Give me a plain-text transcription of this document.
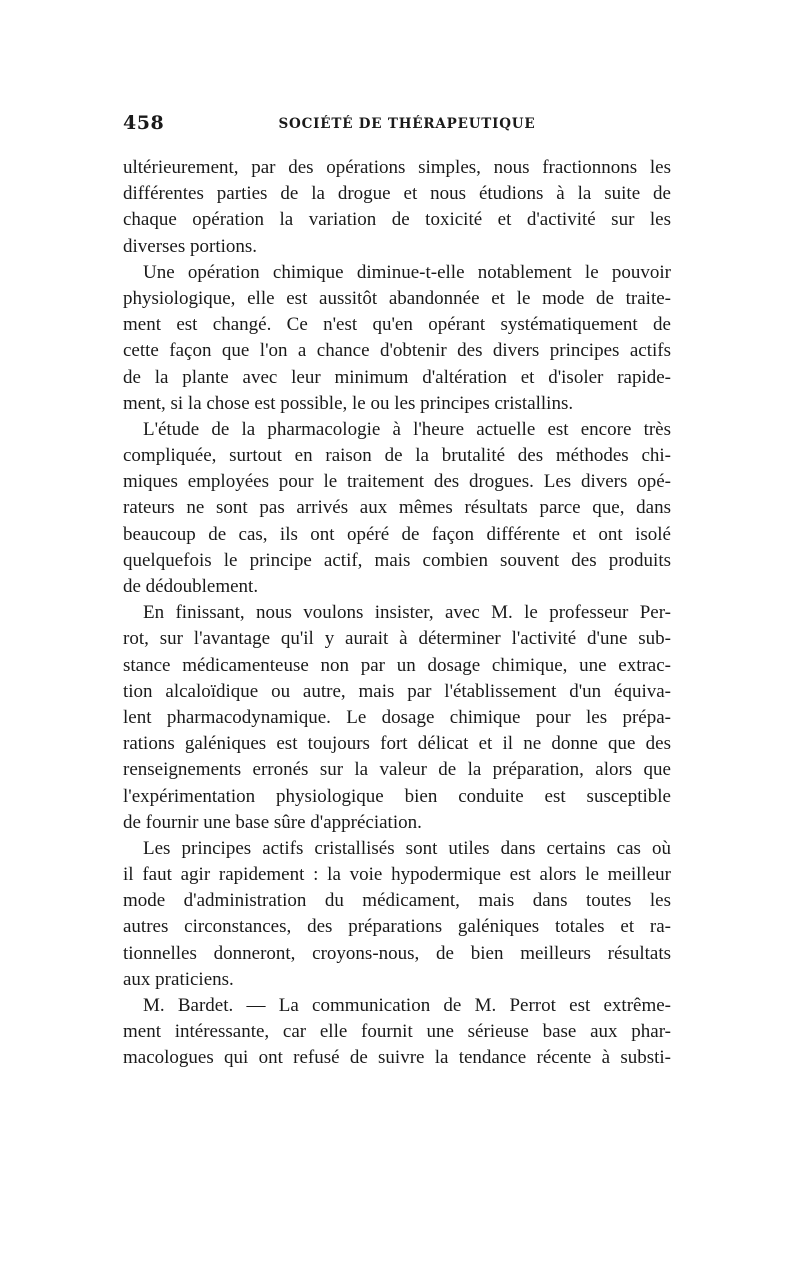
458	SOCIÉTÉ DE THÉRAPEUTIQUE
ultérieurement, par des opérations simples, nous fractionnons les
différentes parties de la drogue et nous étudions à la suite de
chaque opération la variation de toxicité et d'activité sur les
diverses portions.
Une opération chimique diminue-t-elle notablement le pouvoir
physiologique, elle est aussitôt abandonnée et le mode de traite-
ment est changé. Ce n'est qu'en opérant systématiquement de
cette façon que l'on a chance d'obtenir des divers principes actifs
de la plante avec leur minimum d'altération et d'isoler rapide-
ment, si la chose est possible, le ou les principes cristallins.
L'étude de la pharmacologie à l'heure actuelle est encore très
compliquée, surtout en raison de la brutalité des méthodes chi-
miques employées pour le traitement des drogues. Les divers opé-
rateurs ne sont pas arrivés aux mêmes résultats parce que, dans
beaucoup de cas, ils ont opéré de façon différente et ont isolé
quelquefois le principe actif, mais combien souvent des produits
de dédoublement.
En finissant, nous voulons insister, avec M. le professeur Per-
rot, sur l'avantage qu'il y aurait à déterminer l'activité d'une sub-
stance médicamenteuse non par un dosage chimique, une extrac-
tion alcaloïdique ou autre, mais par l'établissement d'un équiva-
lent pharmacodynamique. Le dosage chimique pour les prépa-
rations galéniques est toujours fort délicat et il ne donne que des
renseignements erronés sur la valeur de la préparation, alors que
l'expérimentation physiologique bien conduite est susceptible
de fournir une base sûre d'appréciation.
Les principes actifs cristallisés sont utiles dans certains cas où
il faut agir rapidement : la voie hypodermique est alors le meilleur
mode d'administration du médicament, mais dans toutes les
autres circonstances, des préparations galéniques totales et ra-
tionnelles donneront, croyons-nous, de bien meilleurs résultats
aux praticiens.
M. Bardet. — La communication de M. Perrot est extrême-
ment intéressante, car elle fournit une sérieuse base aux phar-
macologues qui ont refusé de suivre la tendance récente à substi-
